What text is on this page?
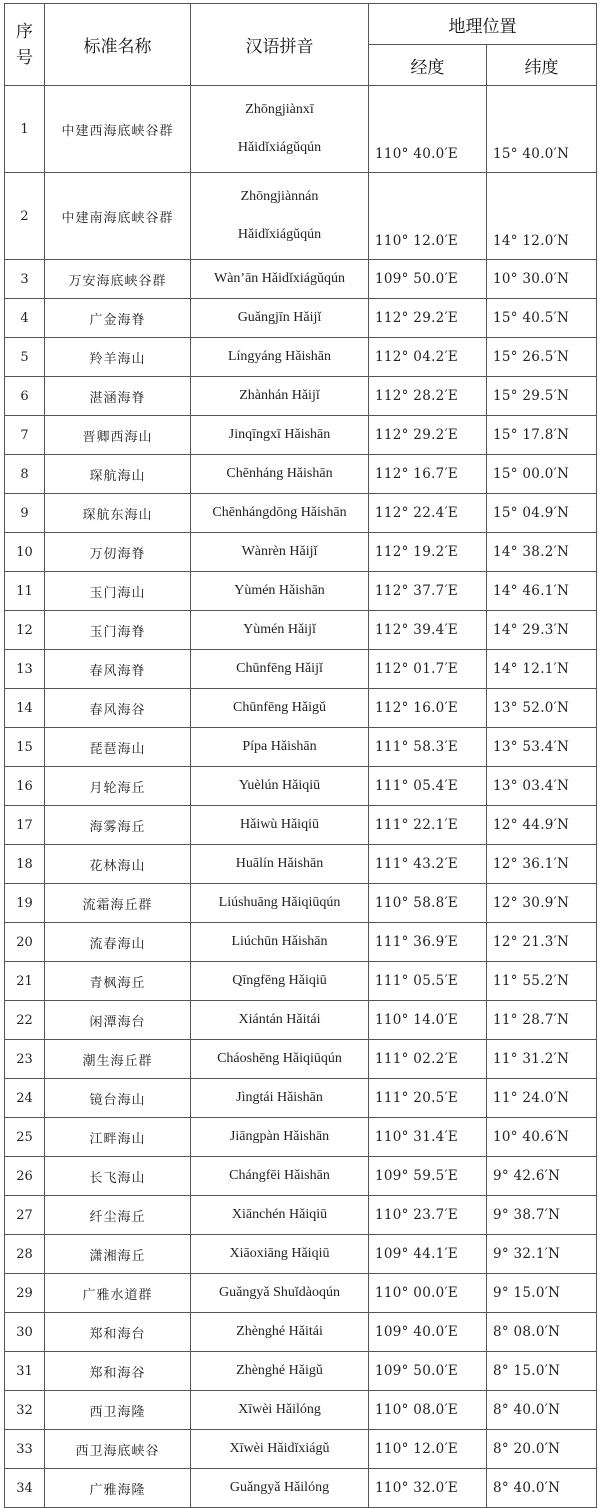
序
号	标准名称	汉语拼音	地理位置	
			经度	纬度
1	中建西海底峡谷群	Zhōngjiànxī
Hǎidǐxiágǔqún	110° 40.0′E	15° 40.0′N
2	中建南海底峡谷群	Zhōngjiànnán
Hǎidǐxiágǔqún	110° 12.0′E	14° 12.0′N
3	万安海底峡谷群	Wàn’ān Hǎidǐxiágǔqún	109° 50.0′E	10° 30.0′N
4	广金海脊	Guǎngjīn Hǎijǐ	112° 29.2′E	15° 40.5′N
5	羚羊海山	Língyáng Hǎishān	112° 04.2′E	15° 26.5′N
6	湛涵海脊	Zhànhán Hǎijǐ	112° 28.2′E	15° 29.5′N
7	晋卿西海山	Jinqīngxī Hǎishān	112° 29.2′E	15° 17.8′N
8	琛航海山	Chēnháng Hǎishān	112° 16.7′E	15° 00.0′N
9	琛航东海山	Chēnhángdōng Hǎishān	112° 22.4′E	15° 04.9′N
10	万仞海脊	Wànrèn Hǎijǐ	112° 19.2′E	14° 38.2′N
11	玉门海山	Yùmén Hǎishān	112° 37.7′E	14° 46.1′N
12	玉门海脊	Yùmén Hǎijǐ	112° 39.4′E	14° 29.3′N
13	春风海脊	Chūnfēng Hǎijǐ	112° 01.7′E	14° 12.1′N
14	春风海谷	Chūnfēng Hǎigǔ	112° 16.0′E	13° 52.0′N
15	琵琶海山	Pípa Hǎishān	111° 58.3′E	13° 53.4′N
16	月轮海丘	Yuèlún Hǎiqiū	111° 05.4′E	13° 03.4′N
17	海雾海丘	Hǎiwù Hǎiqiū	111° 22.1′E	12° 44.9′N
18	花林海山	Huālín Hǎishān	111° 43.2′E	12° 36.1′N
19	流霜海丘群	Liúshuāng Hǎiqiūqún	110° 58.8′E	12° 30.9′N
20	流春海山	Liúchūn Hǎishān	111° 36.9′E	12° 21.3′N
21	青枫海丘	Qīngfēng Hǎiqiū	111° 05.5′E	11° 55.2′N
22	闲潭海台	Xiántán Hǎitái	110° 14.0′E	11° 28.7′N
23	潮生海丘群	Cháoshēng Hǎiqiūqún	111° 02.2′E	11° 31.2′N
24	镜台海山	Jìngtái Hǎishān	111° 20.5′E	11° 24.0′N
25	江畔海山	Jiāngpàn Hǎishān	110° 31.4′E	10° 40.6′N
26	长飞海山	Chángfēi Hǎishān	109° 59.5′E	9° 42.6′N
27	纤尘海丘	Xiānchén Hǎiqiū	110° 23.7′E	9° 38.7′N
28	潇湘海丘	Xiāoxiāng Hǎiqiū	109° 44.1′E	9° 32.1′N
29	广雅水道群	Guǎngyǎ Shuǐdàoqún	110° 00.0′E	9° 15.0′N
30	郑和海台	Zhènghé Hǎitái	109° 40.0′E	8° 08.0′N
31	郑和海谷	Zhènghé Hǎigǔ	109° 50.0′E	8° 15.0′N
32	西卫海隆	Xīwèi Hǎilóng	110° 08.0′E	8° 40.0′N
33	西卫海底峡谷	Xīwèi Hǎidǐxiágǔ	110° 12.0′E	8° 20.0′N
34	广雅海隆	Guǎngyǎ Hǎilóng	110° 32.0′E	8° 40.0′N
